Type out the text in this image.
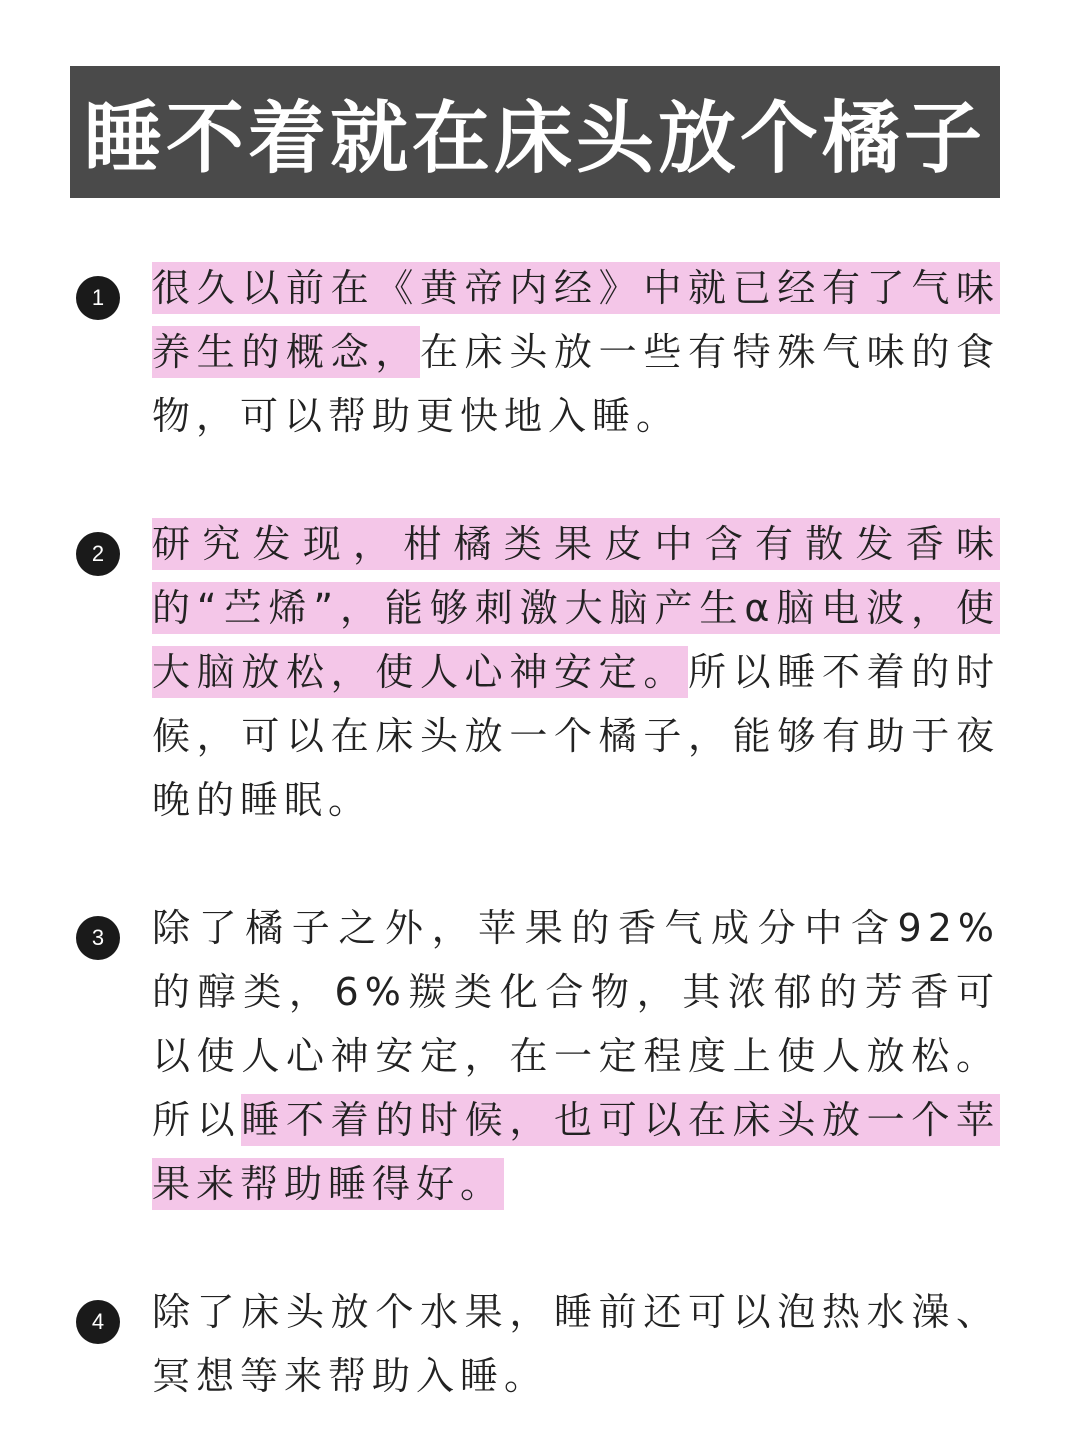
睡不着就在床头放个橘子
1	很久以前在《黄帝内经》中就已经有了气味养生的概念，在床头放一些有特殊气味的食物，可以帮助更快地入睡。

2	研究发现，柑橘类果皮中含有散发香味的“苎烯”，能够刺激大脑产生α脑电波，使大脑放松，使人心神安定。所以睡不着的时候，可以在床头放一个橘子，能够有助于夜晚的睡眠。

3	除了橘子之外，苹果的香气成分中含92%的醇类，6%羰类化合物，其浓郁的芳香可以使人心神安定，在一定程度上使人放松。所以睡不着的时候，也可以在床头放一个苹果来帮助睡得好。

4	除了床头放个水果，睡前还可以泡热水澡、冥想等来帮助入睡。
